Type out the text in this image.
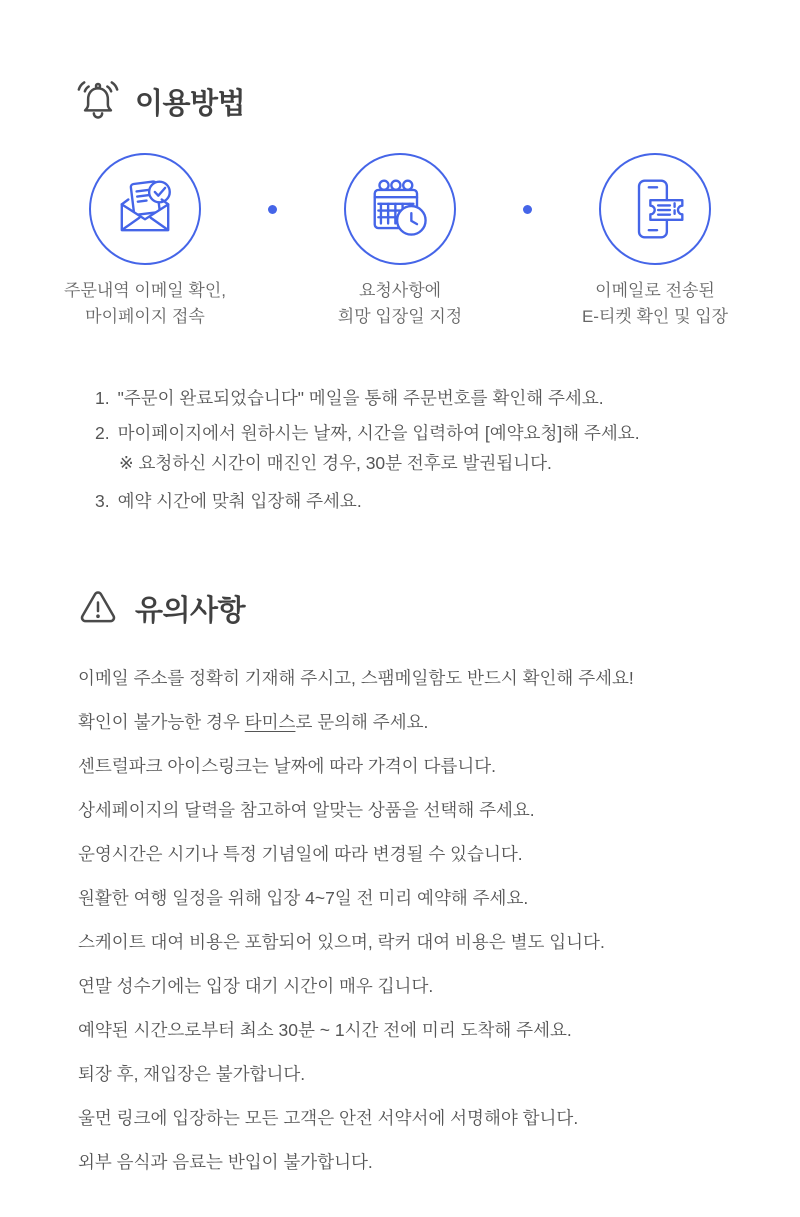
이용방법

주문내역 이메일 확인,
마이페이지 접속

요청사항에
희망 입장일 지정

이메일로 전송된
E-티켓 확인 및 입장

1. "주문이 완료되었습니다" 메일을 통해 주문번호를 확인해 주세요.
2. 마이페이지에서 원하시는 날짜, 시간을 입력하여 [예약요청]해 주세요.
※ 요청하신 시간이 매진인 경우, 30분 전후로 발권됩니다.
3. 예약 시간에 맞춰 입장해 주세요.
유의사항
이메일 주소를 정확히 기재해 주시고, 스팸메일함도 반드시 확인해 주세요!
확인이 불가능한 경우 타미스로 문의해 주세요.
센트럴파크 아이스링크는 날짜에 따라 가격이 다릅니다.
상세페이지의 달력을 참고하여 알맞는 상품을 선택해 주세요.
운영시간은 시기나 특정 기념일에 따라 변경될 수 있습니다.
원활한 여행 일정을 위해 입장 4~7일 전 미리 예약해 주세요.
스케이트 대여 비용은 포함되어 있으며, 락커 대여 비용은 별도 입니다.
연말 성수기에는 입장 대기 시간이 매우 깁니다.
예약된 시간으로부터 최소 30분 ~ 1시간 전에 미리 도착해 주세요.
퇴장 후, 재입장은 불가합니다.
울먼 링크에 입장하는 모든 고객은 안전 서약서에 서명해야 합니다.
외부 음식과 음료는 반입이 불가합니다.
